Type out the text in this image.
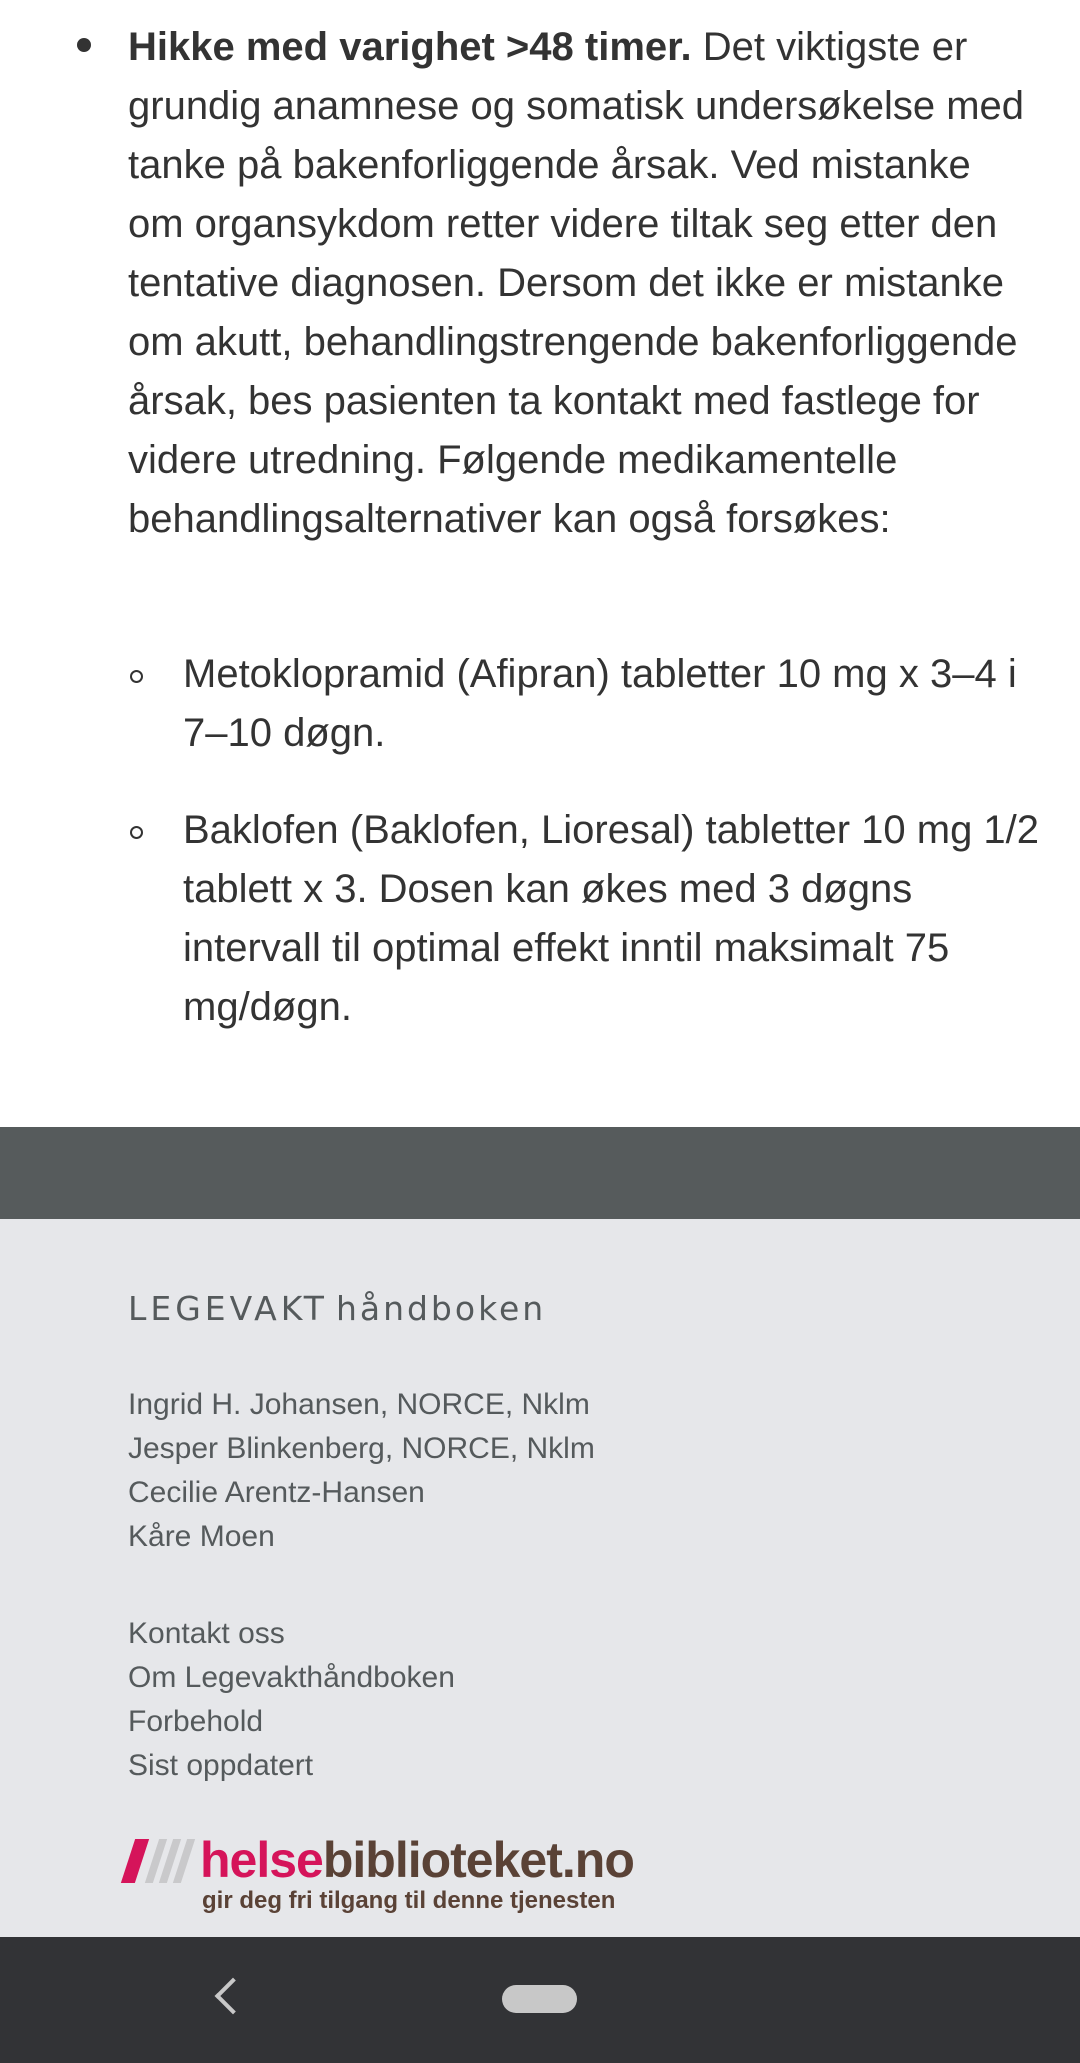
Hikke med varighet >48 timer. Det viktigste er grundig anamnese og somatisk undersøkelse med tanke på bakenforliggende årsak. Ved mistanke om organsykdom retter videre tiltak seg etter den tentative diagnosen. Dersom det ikke er mistanke om akutt, behandlingstrengende bakenforliggende årsak, bes pasienten ta kontakt med fastlege for videre utredning. Følgende medikamentelle behandlingsalternativer kan også forsøkes:

Metoklopramid (Afipran) tabletter 10 mg x 3–4 i 7–10 døgn.

Baklofen (Baklofen, Lioresal) tabletter 10 mg 1/2 tablett x 3. Dosen kan økes med 3 døgns intervall til optimal effekt inntil maksimalt 75 mg/døgn.

LEGEVAKT håndboken
Ingrid H. Johansen, NORCE, Nklm
Jesper Blinkenberg, NORCE, Nklm
Cecilie Arentz-Hansen
Kåre Moen
Kontakt oss
Om Legevakthåndboken
Forbehold
Sist oppdatert
helsebiblioteket.no
gir deg fri tilgang til denne tjenesten
